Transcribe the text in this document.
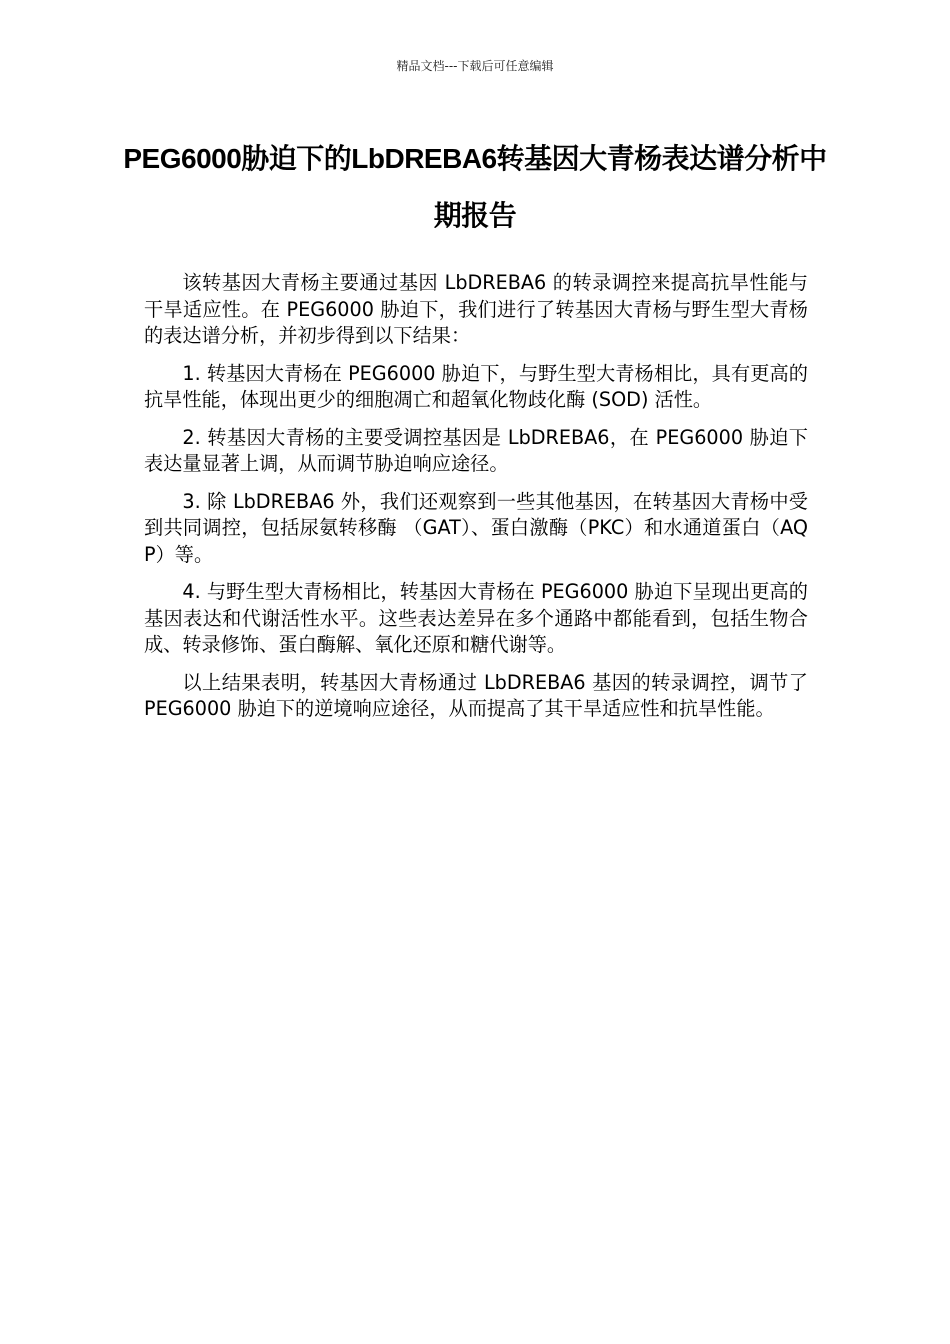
精品文档---下载后可任意编辑
PEG6000胁迫下的LbDREBA6转基因大青杨表达谱分析中期报告

该转基因大青杨主要通过基因 LbDREBA6 的转录调控来提高抗旱性能与干旱适应性。在 PEG6000 胁迫下，我们进行了转基因大青杨与野生型大青杨的表达谱分析，并初步得到以下结果：

1. 转基因大青杨在 PEG6000 胁迫下，与野生型大青杨相比，具有更高的抗旱性能，体现出更少的细胞凋亡和超氧化物歧化酶 (SOD) 活性。

2. 转基因大青杨的主要受调控基因是 LbDREBA6，在 PEG6000 胁迫下表达量显著上调，从而调节胁迫响应途径。

3. 除 LbDREBA6 外，我们还观察到一些其他基因，在转基因大青杨中受到共同调控，包括尿氨转移酶 （GAT）、蛋白激酶（PKC）和水通道蛋白（AQP）等。

4. 与野生型大青杨相比，转基因大青杨在 PEG6000 胁迫下呈现出更高的基因表达和代谢活性水平。这些表达差异在多个通路中都能看到，包括生物合成、转录修饰、蛋白酶解、氧化还原和糖代谢等。

以上结果表明，转基因大青杨通过 LbDREBA6 基因的转录调控，调节了 PEG6000 胁迫下的逆境响应途径，从而提高了其干旱适应性和抗旱性能。
